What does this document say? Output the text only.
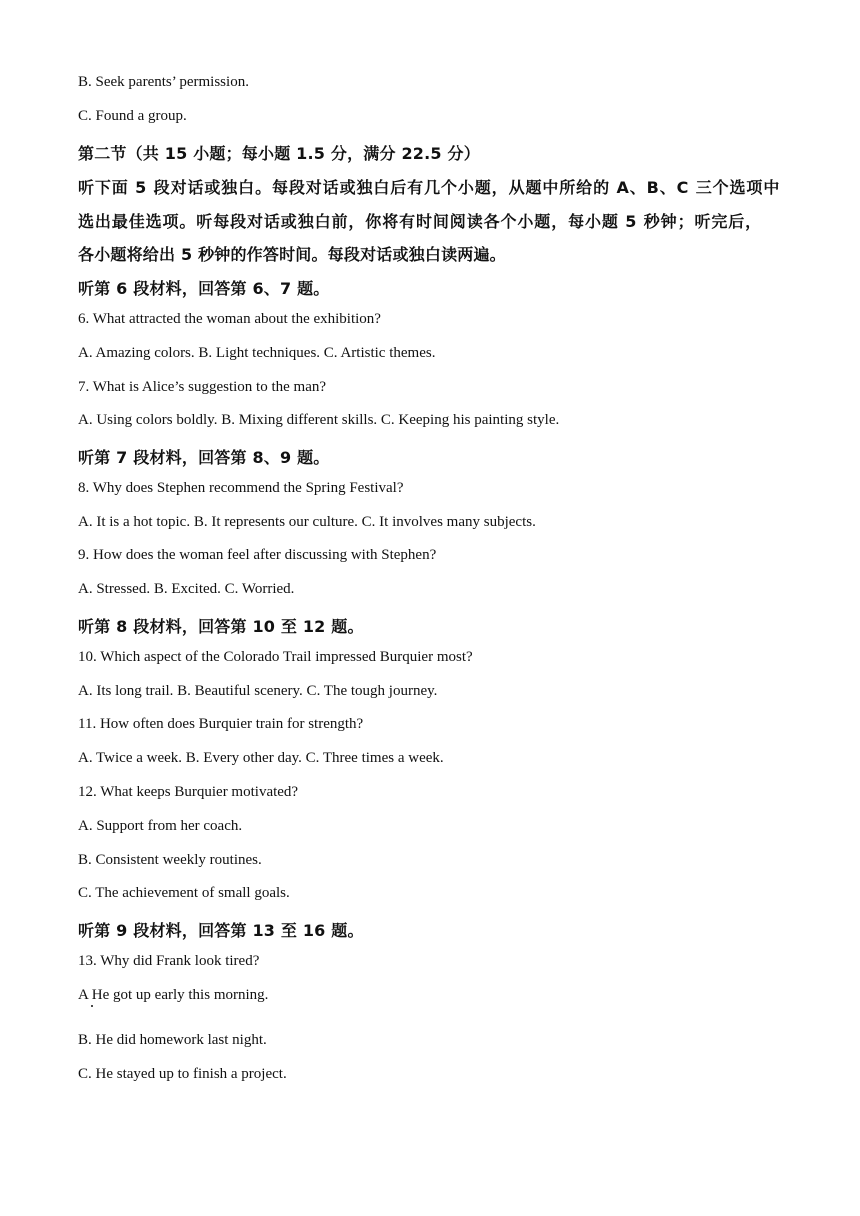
B. Seek parents’ permission.
C. Found a group.
第二节（共 15 小题；每小题 1.5 分，满分 22.5 分）
听下面 5 段对话或独白。每段对话或独白后有几个小题，从题中所给的 A、B、C 三个选项中
选出最佳选项。听每段对话或独白前，你将有时间阅读各个小题，每小题 5 秒钟；听完后，
各小题将给出 5 秒钟的作答时间。每段对话或独白读两遍。
听第 6 段材料，回答第 6、7 题。
6. What attracted the woman about the exhibition?
A. Amazing colors. B. Light techniques. C. Artistic themes.
7. What is Alice’s suggestion to the man?
A. Using colors boldly. B. Mixing different skills. C. Keeping his painting style.
听第 7 段材料，回答第 8、9 题。
8. Why does Stephen recommend the Spring Festival?
A. It is a hot topic. B. It represents our culture. C. It involves many subjects.
9. How does the woman feel after discussing with Stephen?
A. Stressed. B. Excited. C. Worried.
听第 8 段材料，回答第 10 至 12 题。
10. Which aspect of the Colorado Trail impressed Burquier most?
A. Its long trail. B. Beautiful scenery. C. The tough journey.
11. How often does Burquier train for strength?
A. Twice a week. B. Every other day. C. Three times a week.
12. What keeps Burquier motivated?
A. Support from her coach.
B. Consistent weekly routines.
C. The achievement of small goals.
听第 9 段材料，回答第 13 至 16 题。
13. Why did Frank look tired?
A He got up early this morning.
B. He did homework last night.
C. He stayed up to finish a project.
